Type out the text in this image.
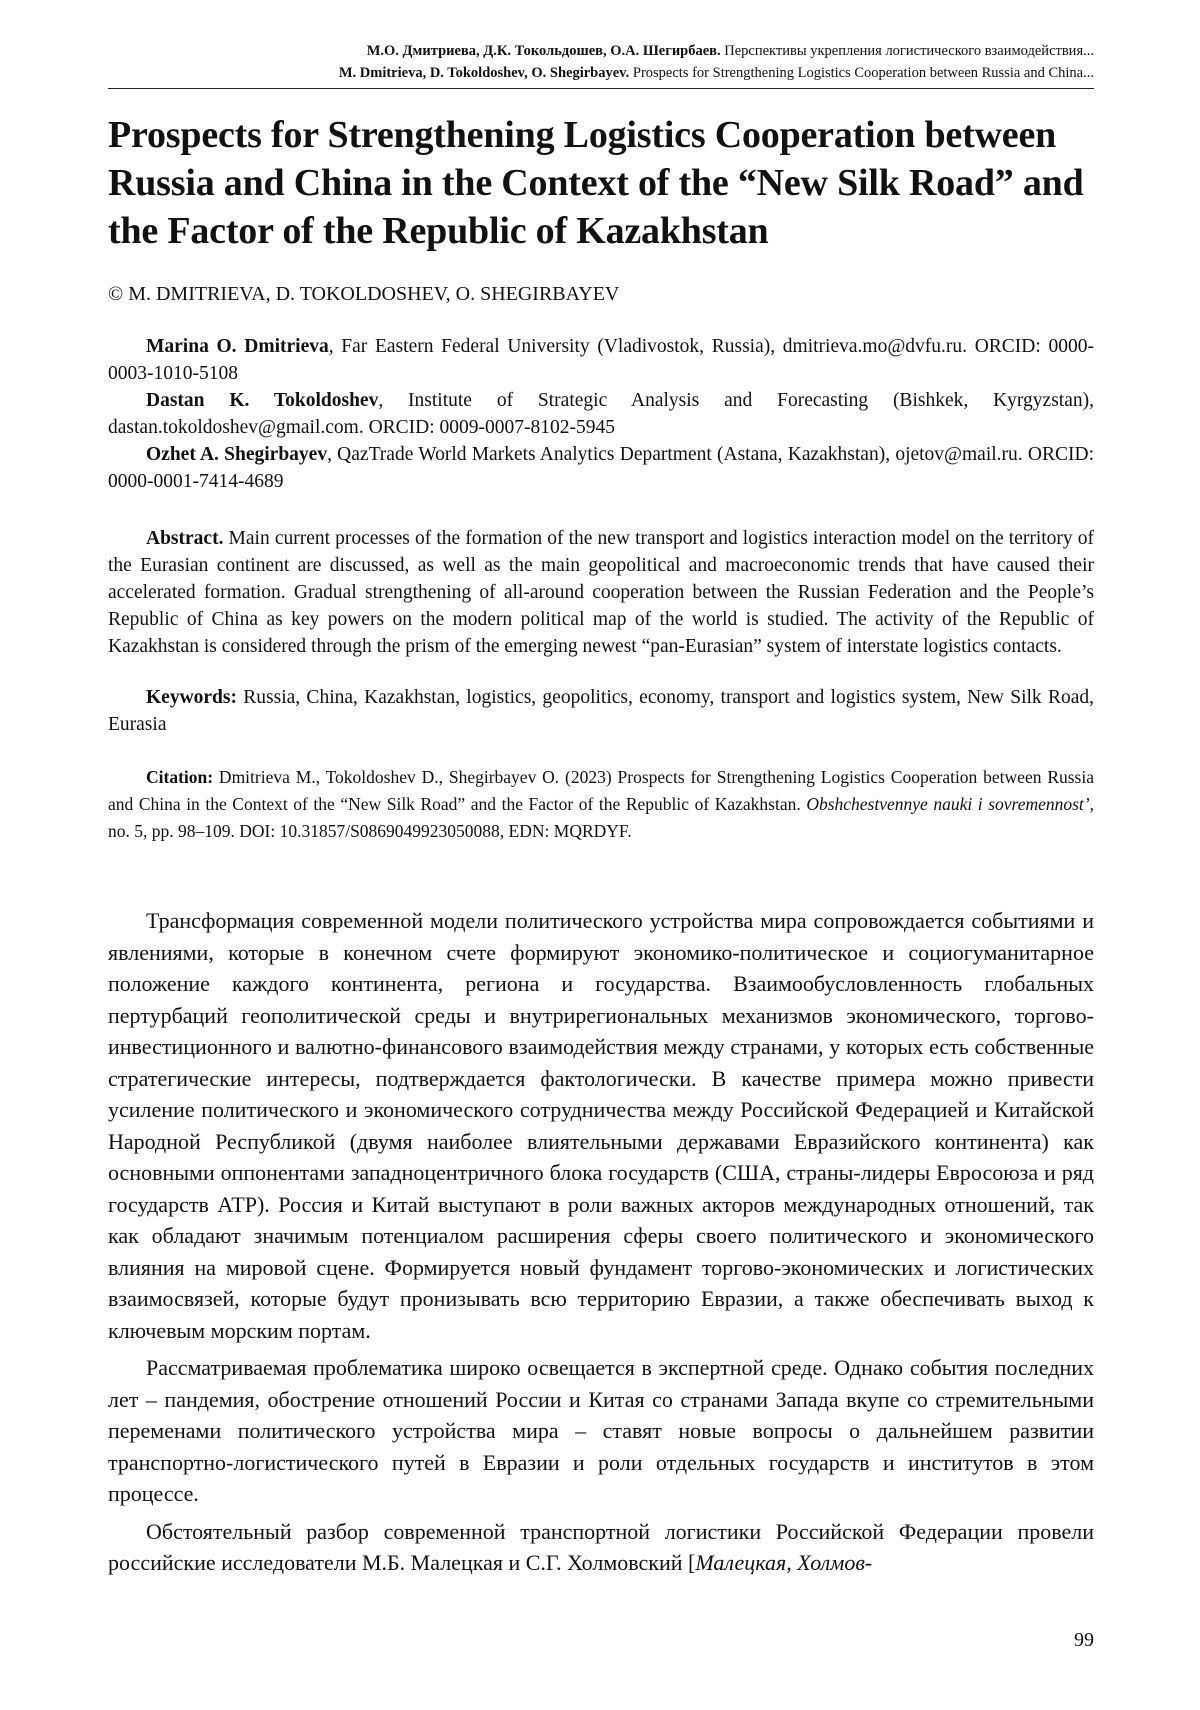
М.О. Дмитриева, Д.К. Токольдошев, О.А. Шегирбаев. Перспективы укрепления логистического взаимодействия...
M. Dmitrieva, D. Tokoldoshev, O. Shegirbayev. Prospects for Strengthening Logistics Cooperation between Russia and China...
Prospects for Strengthening Logistics Cooperation between Russia and China in the Context of the “New Silk Road” and the Factor of the Republic of Kazakhstan
© M. DMITRIEVA, D. TOKOLDOSHEV, O. SHEGIRBAYEV

Marina O. Dmitrieva, Far Eastern Federal University (Vladivostok, Russia), dmitrieva.mo@dvfu.ru. ORCID: 0000-0003-1010-5108

Dastan K. Tokoldoshev, Institute of Strategic Analysis and Forecasting (Bishkek, Kyrgyzstan), dastan.tokoldoshev@gmail.com. ORCID: 0009-0007-8102-5945

Ozhet A. Shegirbayev, QazTrade World Markets Analytics Department (Astana, Kazakhstan), ojetov@mail.ru. ORCID: 0000-0001-7414-4689

Abstract. Main current processes of the formation of the new transport and logistics interaction model on the territory of the Eurasian continent are discussed, as well as the main geopolitical and macroeconomic trends that have caused their accelerated formation. Gradual strengthening of all-around cooperation between the Russian Federation and the People’s Republic of China as key powers on the modern political map of the world is studied. The activity of the Republic of Kazakhstan is considered through the prism of the emerging newest “pan-Eurasian” system of interstate logistics contacts.
Keywords: Russia, China, Kazakhstan, logistics, geopolitics, economy, transport and logistics system, New Silk Road, Eurasia
Citation: Dmitrieva M., Tokoldoshev D., Shegirbayev O. (2023) Prospects for Strengthening Logistics Cooperation between Russia and China in the Context of the “New Silk Road” and the Factor of the Republic of Kazakhstan. Obshchestvennye nauki i sovremennost’, no. 5, pp. 98–109. DOI: 10.31857/S0869049923050088, EDN: MQRDYF.

Трансформация современной модели политического устройства мира сопровождается событиями и явлениями, которые в конечном счете формируют экономико-политическое и социогуманитарное положение каждого континента, региона и государства. Взаимообусловленность глобальных пертурбаций геополитической среды и внутрирегиональных механизмов экономического, торгово-инвестиционного и валютно-финансового взаимодействия между странами, у которых есть собственные стратегические интересы, подтверждается фактологически. В качестве примера можно привести усиление политического и экономического сотрудничества между Российской Федерацией и Китайской Народной Республикой (двумя наиболее влиятельными державами Евразийского континента) как основными оппонентами западноцентричного блока государств (США, страны-лидеры Евросоюза и ряд государств АТР). Россия и Китай выступают в роли важных акторов международных отношений, так как обладают значимым потенциалом расширения сферы своего политического и экономического влияния на мировой сцене. Формируется новый фундамент торгово-экономических и логистических взаимосвязей, которые будут пронизывать всю территорию Евразии, а также обеспечивать выход к ключевым морским портам.

Рассматриваемая проблематика широко освещается в экспертной среде. Однако события последних лет – пандемия, обострение отношений России и Китая со странами Запада вкупе со стремительными переменами политического устройства мира – ставят новые вопросы о дальнейшем развитии транспортно-логистического путей в Евразии и роли отдельных государств и институтов в этом процессе.

Обстоятельный разбор современной транспортной логистики Российской Федерации провели российские исследователи М.Б. Малецкая и С.Г. Холмовский [Малецкая, Холмов-

99
